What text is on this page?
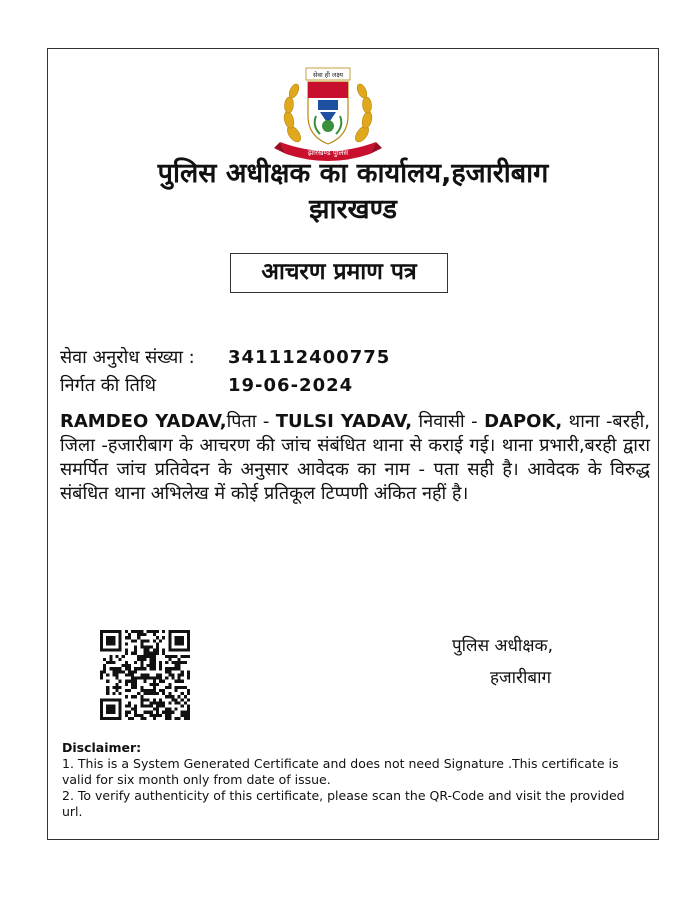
सेवा ही लक्ष्य
झारखण्ड पुलिस
पुलिस अधीक्षक का कार्यालय,हजारीबाग
झारखण्ड
आचरण प्रमाण पत्र
सेवा अनुरोध संख्या : 341112400775
निर्गत की तिथि	19-06-2024
RAMDEO YADAV,पिता - TULSI YADAV, निवासी - DAPOK, थाना -बरही, जिला -हजारीबाग के आचरण की जांच संबंधित थाना से कराई गई। थाना प्रभारी,बरही द्वारा समर्पित जांच प्रतिवेदन के अनुसार आवेदक का नाम - पता सही है। आवेदक के विरुद्ध संबंधित थाना अभिलेख में कोई प्रतिकूल टिप्पणी अंकित नहीं है।
पुलिस अधीक्षक,
हजारीबाग
Disclaimer:
1. This is a System Generated Certificate and does not need Signature .This certificate is valid for six month only from date of issue.
2. To verify authenticity of this certificate, please scan the QR-Code and visit the provided url.
